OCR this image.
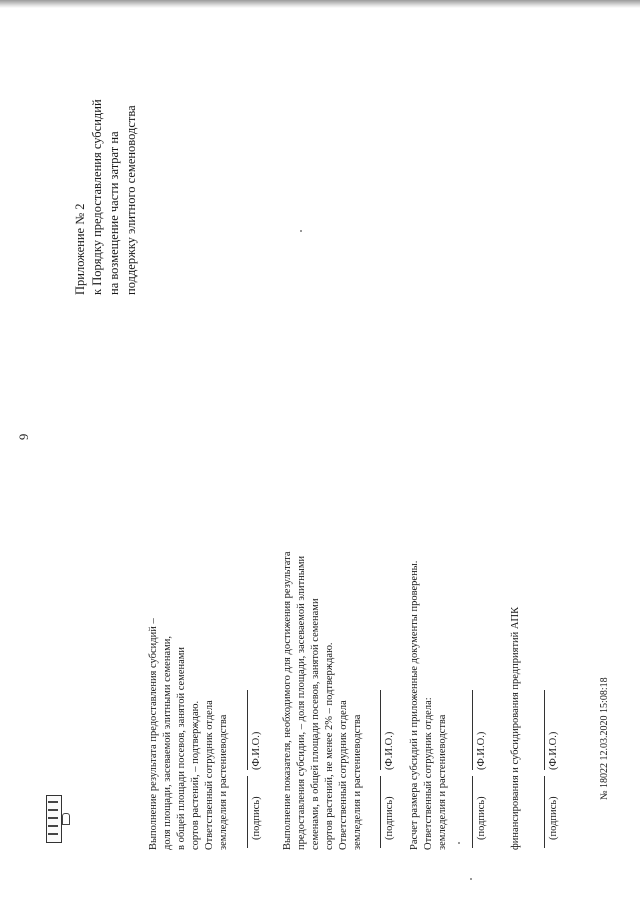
9
Приложение № 2 к Порядку предоставления субсидий на возмещение части затрат на поддержку элитного семеноводства
Выполнение результата предоставления субсидий – доля площади, засеваемой элитными семенами, в общей площади посевов, занятой семенами сортов растений, – подтверждаю. Ответственный сотрудник отдела земледелия и растениеводства (подпись)
(Ф.И.О.) Выполнение показателя, необходимого для достижения результата предоставления субсидии, – доля площади, засеваемой элитными семенами, в общей площади посевов, занятой семенами сортов растений, не менее 2% – подтверждаю. Ответственный сотрудник отдела земледелия и растениеводства (подпись)
(Ф.И.О.) Расчет размера субсидий и приложенные документы проверены. Ответственный сотрудник отдела: земледелия и растениеводства	(подпись)
(Ф.И.О.) финансирования и субсидирования предприятий АПК	(подпись)
(Ф.И.О.)	№ 18022 12.03.2020 15:08:18
